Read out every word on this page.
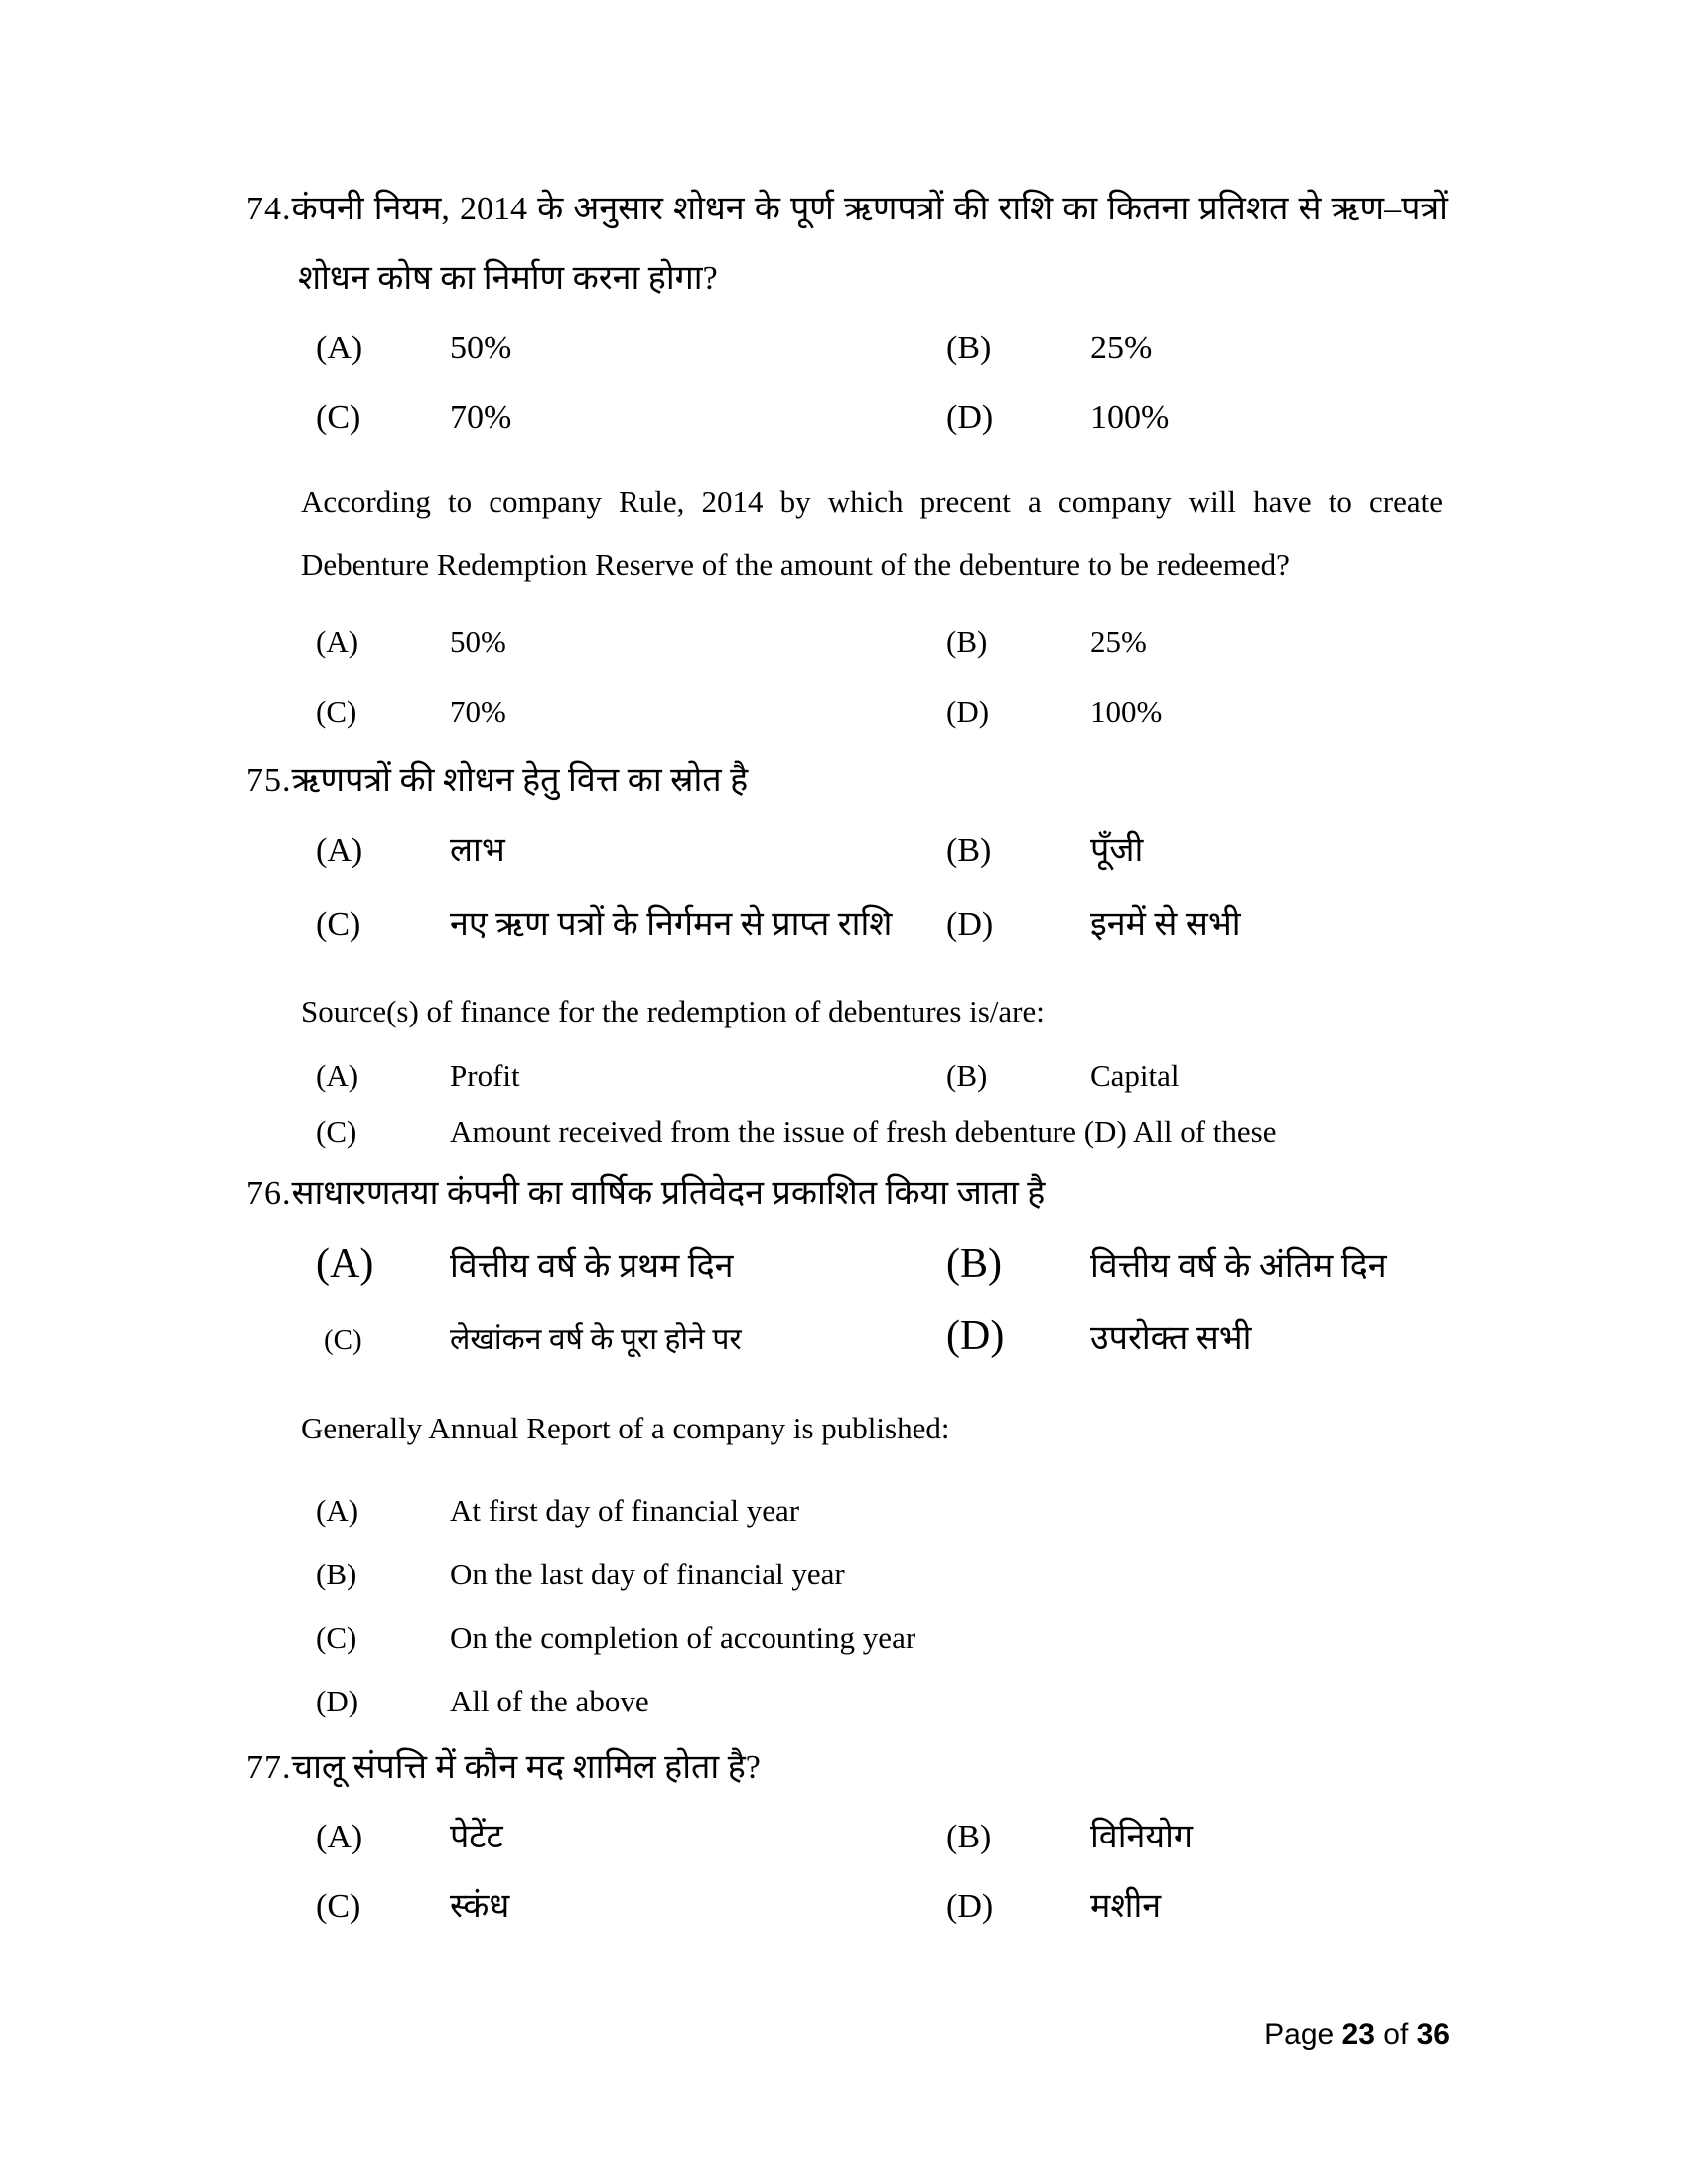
74.कंपनी नियम, 2014 के अनुसार शोधन के पूर्ण ऋणपत्रों की राशि का कितना प्रतिशत से ऋण–पत्रों शोधन कोष का निर्माण करना होगा?
(A)	50%	(B)	25%
(C)	70%	(D)	100%
According to company Rule, 2014 by which precent a company will have to create Debenture Redemption Reserve of the amount of the debenture to be redeemed?
(A)	50%	(B)	25%
(C)	70%	(D)	100%
75.ऋणपत्रों की शोधन हेतु वित्त का स्रोत है
(A)	लाभ	(B)	पूँजी
(C)	नए ऋण पत्रों के निर्गमन से प्राप्त राशि	(D)	इनमें से सभी
Source(s) of finance for the redemption of debentures is/are:
(A)	Profit	(B)	Capital
(C)	Amount received from the issue of fresh debenture (D) All of these
76.साधारणतया कंपनी का वार्षिक प्रतिवेदन प्रकाशित किया जाता है
(A)	वित्तीय वर्ष के प्रथम दिन	(B)	वित्तीय वर्ष के अंतिम दिन
(C)	लेखांकन वर्ष के पूरा होने पर	(D)	उपरोक्त सभी
Generally Annual Report of a company is published:
(A)	At first day of financial year
(B)	On the last day of financial year
(C)	On the completion of accounting year
(D)	All of the above
77.चालू संपत्ति में कौन मद शामिल होता है?
(A)	पेटेंट	(B)	विनियोग
(C)	स्कंध	(D)	मशीन
Page 23 of 36
